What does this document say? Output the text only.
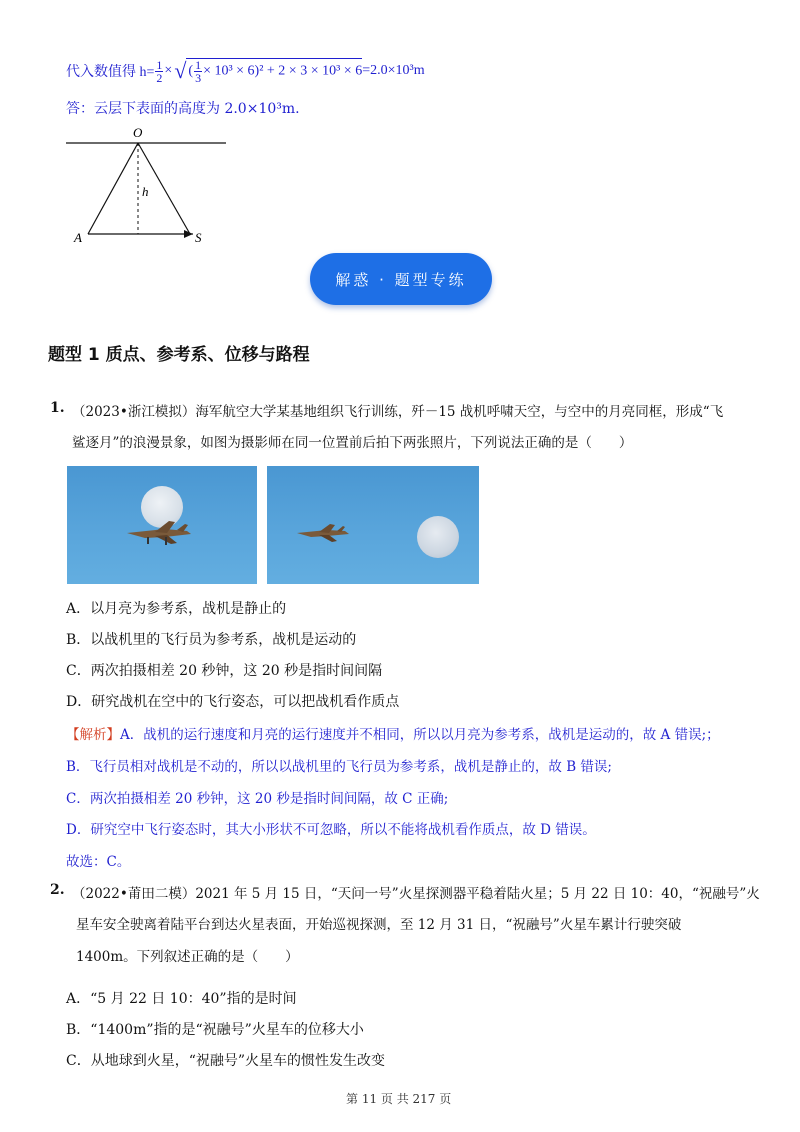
代入数值得 $h= \frac{1}{2}$ × √ ( $\frac{1}{3} \times 10^3 \times 6)^2 + 2 \times 3 \times 10^3 \times 6 =2.0\times 10^3m$
答：云层下表面的高度为 2.0×10³m.
O
h
A	S
解惑 · 题型专练
题型 1 质点、参考系、位移与路程
1. （2023•浙江模拟）海军航空大学某基地组织飞行训练，歼－15 战机呼啸天空，与空中的月亮同框，形成“飞
鲨逐月”的浪漫景象，如图为摄影师在同一位置前后拍下两张照片，下列说法正确的是（　　）
A．以月亮为参考系，战机是静止的
B．以战机里的飞行员为参考系，战机是运动的
C．两次拍摄相差 20 秒钟，这 20 秒是指时间间隔
D．研究战机在空中的飞行姿态，可以把战机看作质点
【解析】A．战机的运行速度和月亮的运行速度并不相同，所以以月亮为参考系，战机是运动的，故 A 错误;；
B．飞行员相对战机是不动的，所以以战机里的飞行员为参考系，战机是静止的，故 B 错误;
C．两次拍摄相差 20 秒钟，这 20 秒是指时间间隔，故 C 正确;
D．研究空中飞行姿态时，其大小形状不可忽略，所以不能将战机看作质点，故 D 错误。
故选：C。
2. （2022•莆田二模）2021 年 5 月 15 日，“天问一号”火星探测器平稳着陆火星；5 月 22 日 10：40，“祝融号”火
星车安全驶离着陆平台到达火星表面，开始巡视探测，至 12 月 31 日，“祝融号”火星车累计行驶突破
1400m。下列叙述正确的是（　　）
A．“5 月 22 日 10：40”指的是时间
B．“1400m”指的是“祝融号”火星车的位移大小
C．从地球到火星，“祝融号”火星车的惯性发生改变
第 11 页 共 217 页
